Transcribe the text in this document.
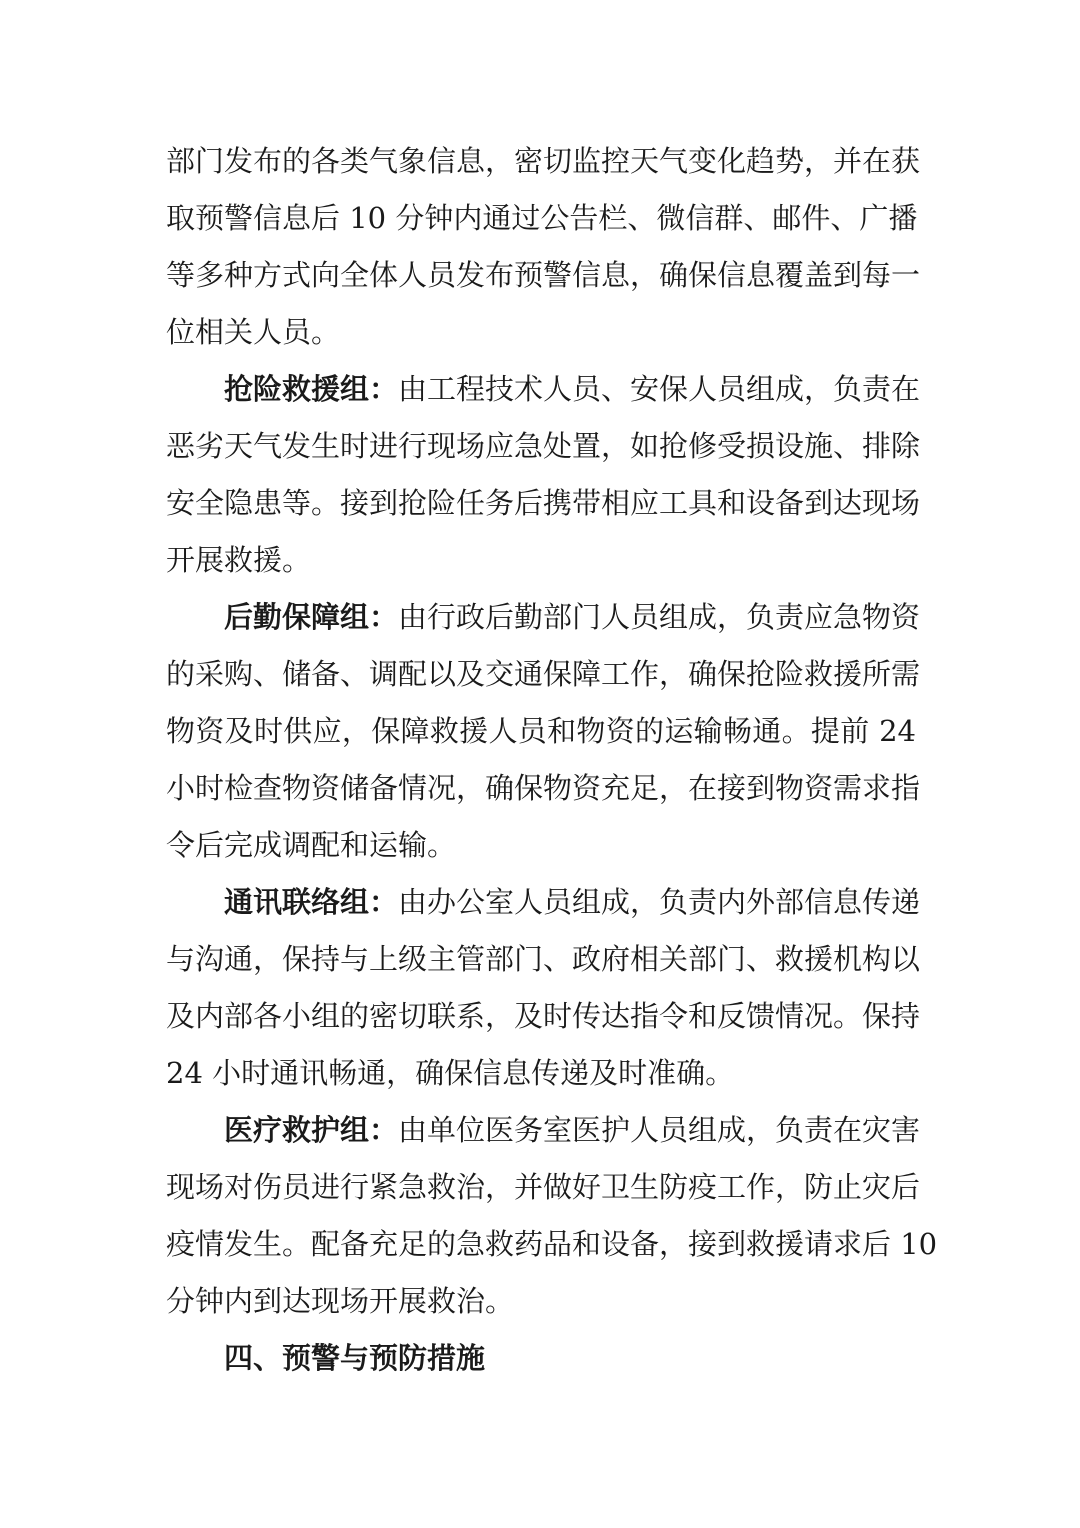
部门发布的各类气象信息，密切监控天气变化趋势，并在获
取预警信息后 10 分钟内通过公告栏、微信群、邮件、广播
等多种方式向全体人员发布预警信息，确保信息覆盖到每一
位相关人员。
抢险救援组：由工程技术人员、安保人员组成，负责在
恶劣天气发生时进行现场应急处置，如抢修受损设施、排除
安全隐患等。接到抢险任务后携带相应工具和设备到达现场
开展救援。
后勤保障组：由行政后勤部门人员组成，负责应急物资
的采购、储备、调配以及交通保障工作，确保抢险救援所需
物资及时供应，保障救援人员和物资的运输畅通。提前 24
小时检查物资储备情况，确保物资充足，在接到物资需求指
令后完成调配和运输。
通讯联络组：由办公室人员组成，负责内外部信息传递
与沟通，保持与上级主管部门、政府相关部门、救援机构以
及内部各小组的密切联系，及时传达指令和反馈情况。保持
24 小时通讯畅通，确保信息传递及时准确。
医疗救护组：由单位医务室医护人员组成，负责在灾害
现场对伤员进行紧急救治，并做好卫生防疫工作，防止灾后
疫情发生。配备充足的急救药品和设备，接到救援请求后 10
分钟内到达现场开展救治。
四、预警与预防措施
